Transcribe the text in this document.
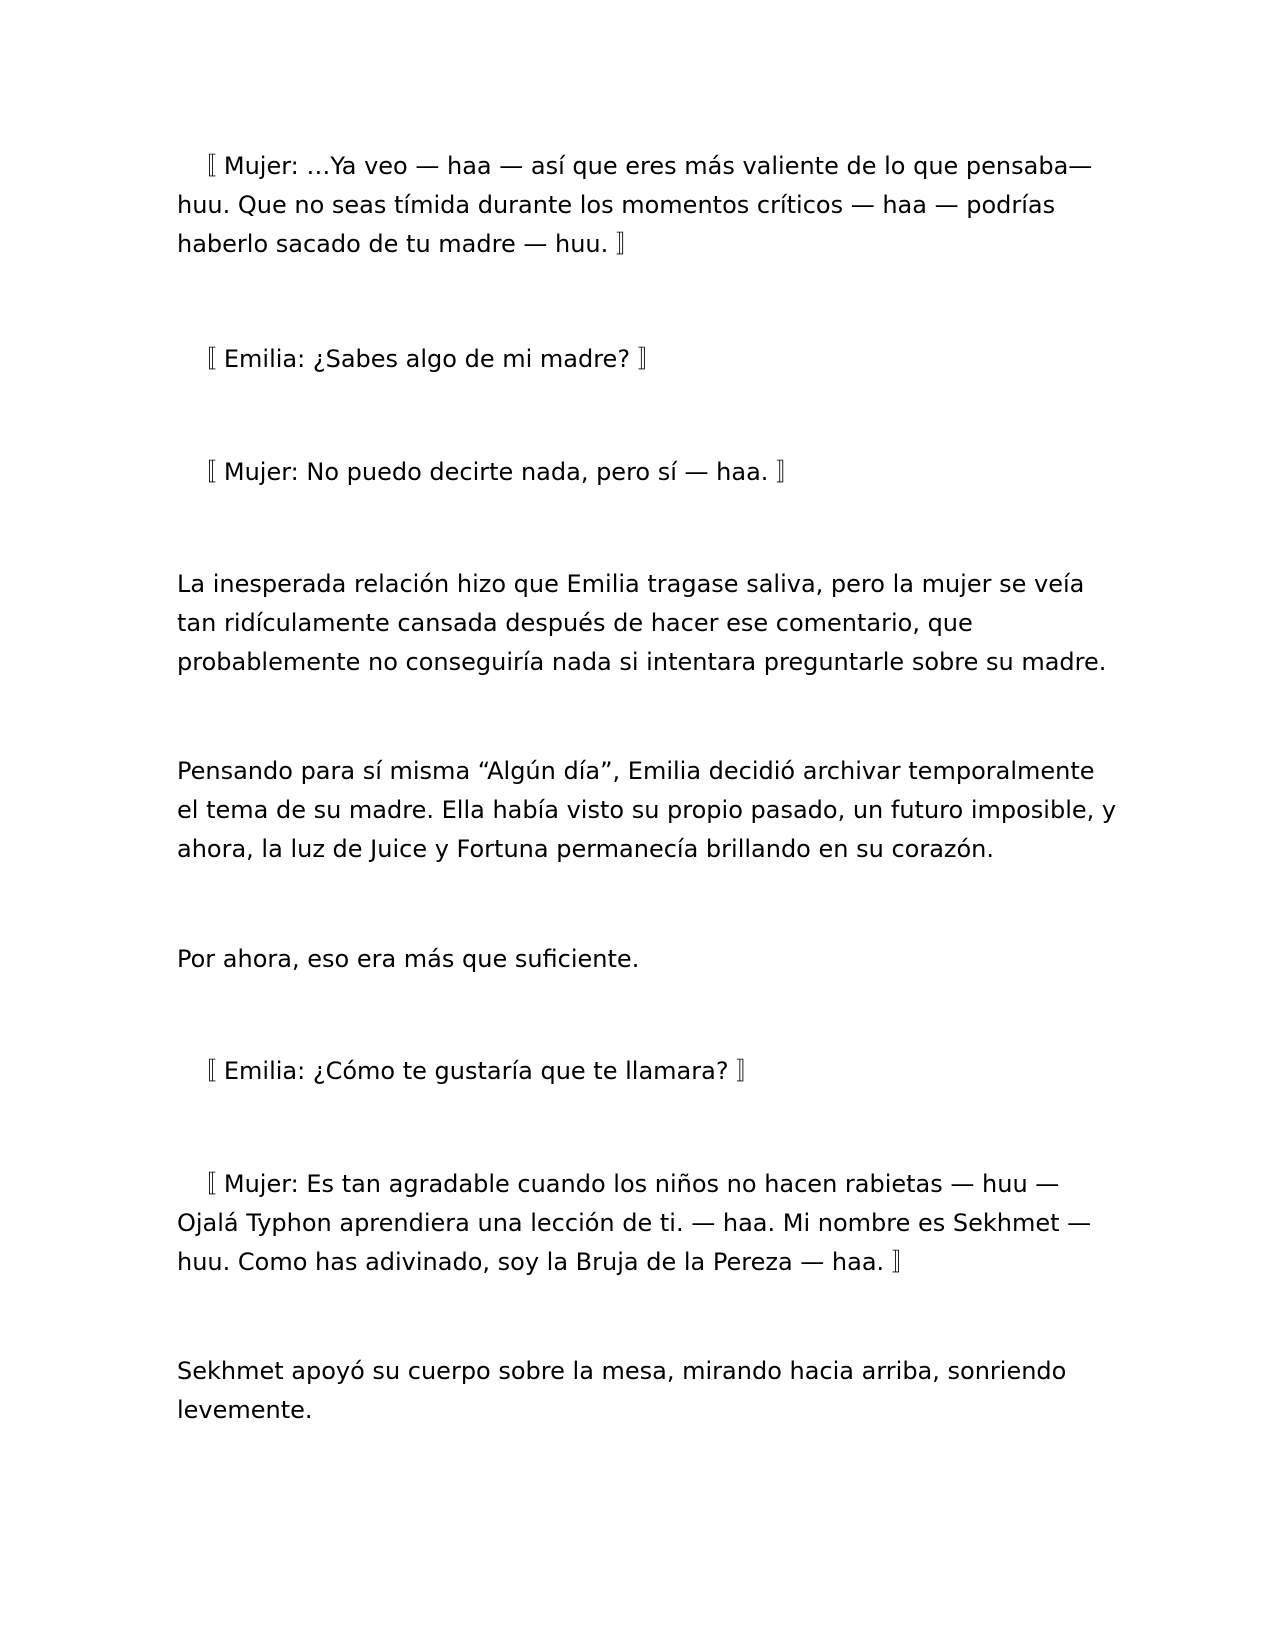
〚 Mujer: …Ya veo — haa — así que eres más valiente de lo que pensaba—
huu. Que no seas tímida durante los momentos críticos — haa — podrías
haberlo sacado de tu madre — huu. 〛

〚 Emilia: ¿Sabes algo de mi madre? 〛

〚 Mujer: No puedo decirte nada, pero sí — haa. 〛

La inesperada relación hizo que Emilia tragase saliva, pero la mujer se veía
tan ridículamente cansada después de hacer ese comentario, que
probablemente no conseguiría nada si intentara preguntarle sobre su madre.

Pensando para sí misma “Algún día”, Emilia decidió archivar temporalmente
el tema de su madre. Ella había visto su propio pasado, un futuro imposible, y
ahora, la luz de Juice y Fortuna permanecía brillando en su corazón.

Por ahora, eso era más que suficiente.

〚 Emilia: ¿Cómo te gustaría que te llamara? 〛

〚 Mujer: Es tan agradable cuando los niños no hacen rabietas — huu —
Ojalá Typhon aprendiera una lección de ti. — haa. Mi nombre es Sekhmet —
huu. Como has adivinado, soy la Bruja de la Pereza — haa. 〛

Sekhmet apoyó su cuerpo sobre la mesa, mirando hacia arriba, sonriendo
levemente.
